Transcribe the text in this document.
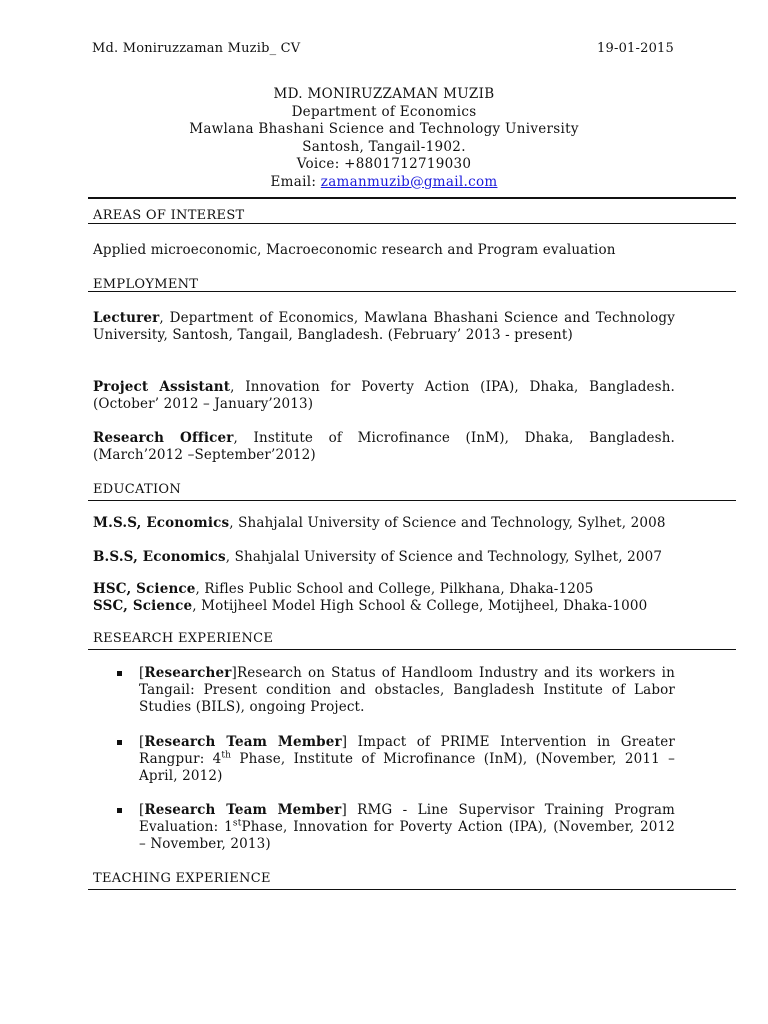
Md. Moniruzzaman Muzib_ CV	19-01-2015
MD. MONIRUZZAMAN MUZIB
Department of Economics
Mawlana Bhashani Science and Technology University
Santosh, Tangail-1902.
Voice: +8801712719030
Email: zamanmuzib@gmail.com
AREAS OF INTEREST
Applied microeconomic, Macroeconomic research and Program evaluation
EMPLOYMENT
Lecturer, Department of Economics, Mawlana Bhashani Science and Technology University, Santosh, Tangail, Bangladesh. (February’ 2013 - present)
Project Assistant, Innovation for Poverty Action (IPA), Dhaka, Bangladesh. (October’ 2012 – January’2013)
Research Officer, Institute of Microfinance (InM), Dhaka, Bangladesh. (March’2012 –September’2012)
EDUCATION
M.S.S, Economics, Shahjalal University of Science and Technology, Sylhet, 2008
B.S.S, Economics, Shahjalal University of Science and Technology, Sylhet, 2007
HSC, Science, Rifles Public School and College, Pilkhana, Dhaka-1205
SSC, Science, Motijheel Model High School & College, Motijheel, Dhaka-1000
RESEARCH EXPERIENCE
[Researcher]Research on Status of Handloom Industry and its workers in Tangail: Present condition and obstacles, Bangladesh Institute of Labor Studies (BILS), ongoing Project.
[Research Team Member] Impact of PRIME Intervention in Greater Rangpur: 4th Phase, Institute of Microfinance (InM), (November, 2011 – April, 2012)
[Research Team Member] RMG - Line Supervisor Training Program Evaluation: 1stPhase, Innovation for Poverty Action (IPA), (November, 2012 – November, 2013)
TEACHING EXPERIENCE
